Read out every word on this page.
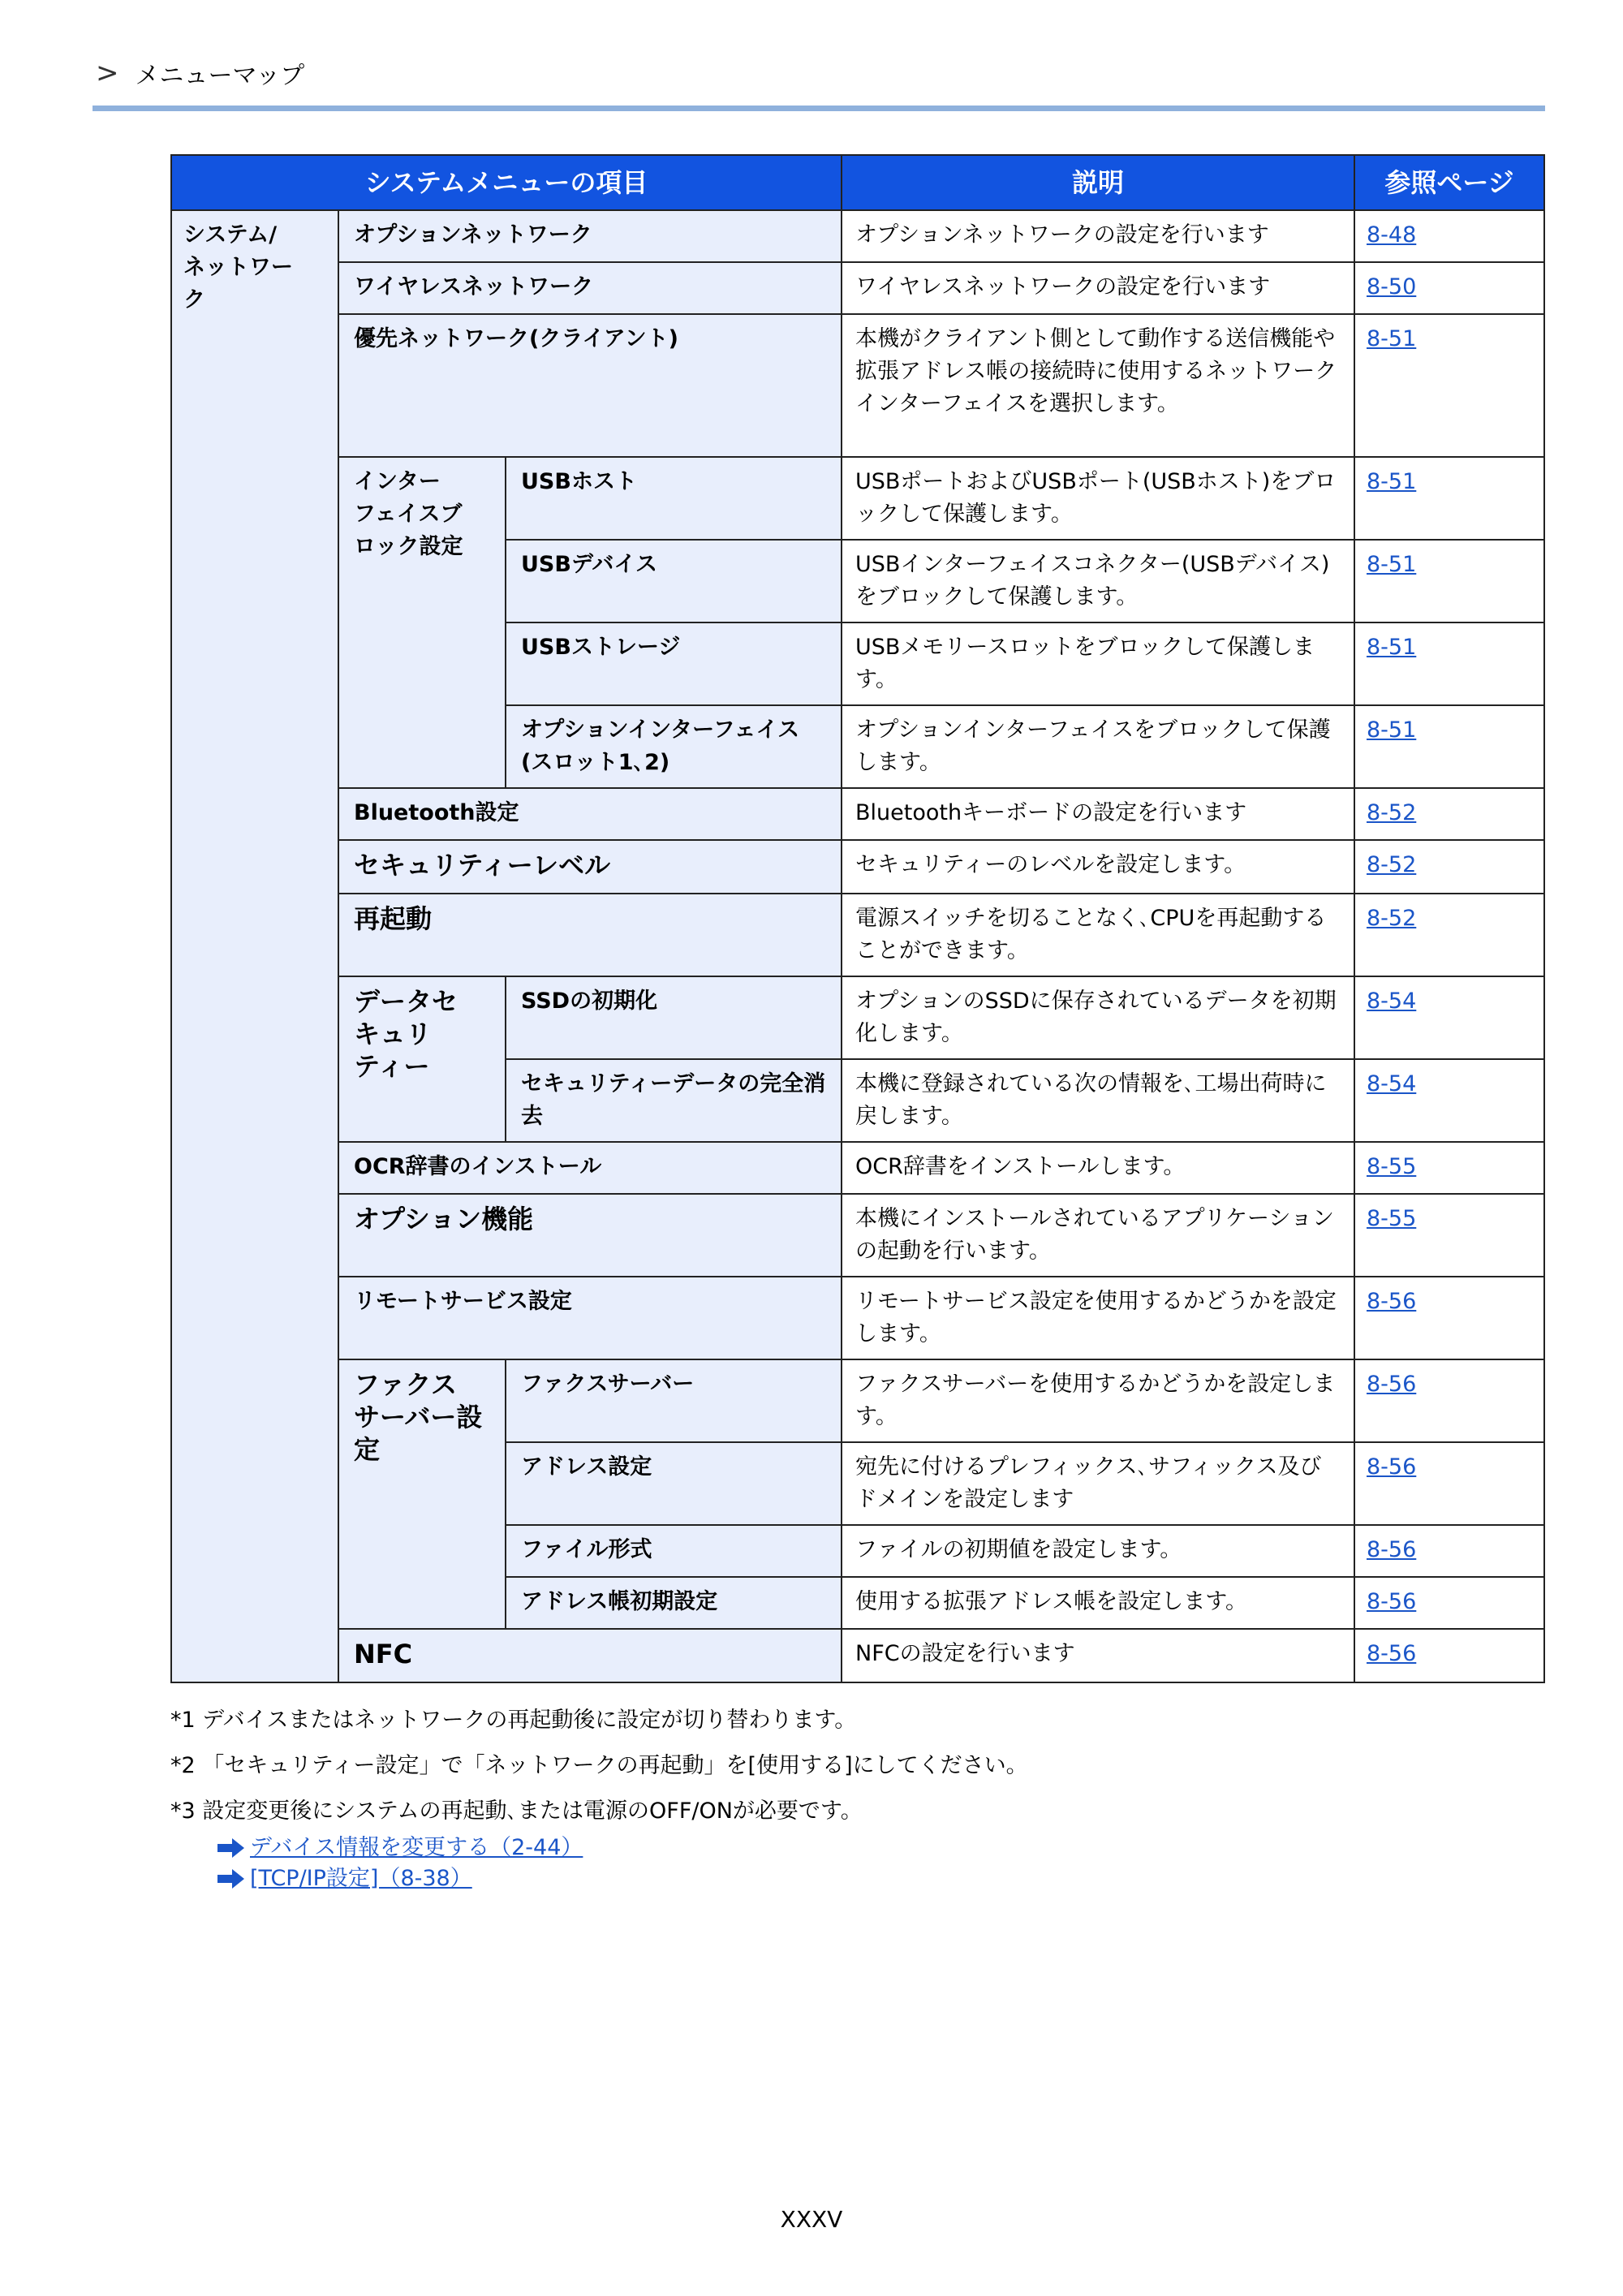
> メニューマップ
システムメニューの項目			説明	参照ページ

システム/
ネットワー
ク	オプションネットワーク		オプションネットワークの設定を行います	8-48
	ワイヤレスネットワーク		ワイヤレスネットワークの設定を行います	8-50
	優先ネットワーク(クライアント)		本機がクライアント側として動作する送信機能や拡張アドレス帳の接続時に使用するネットワークインターフェイスを選択します。	8-51

	インター
フェイスブ
ロック設定	USBホスト	USBポートおよびUSBポート(USBホスト)をブロックして保護します。	8-51
		USBデバイス	USBインターフェイスコネクター(USBデバイス)をブロックして保護します。	8-51
		USBストレージ	USBメモリースロットをブロックして保護します。	8-51
		オプションインターフェイス(スロット1､2)	オプションインターフェイスをブロックして保護します。	8-51
	Bluetooth設定		Bluetoothキーボードの設定を行います	8-52
	セキュリティーレベル		セキュリティーのレベルを設定します。	8-52
	再起動		電源スイッチを切ることなく､CPUを再起動することができます。	8-52

	データセ
キュリ
ティー	SSDの初期化	オプションのSSDに保存されているデータを初期化します。	8-54
		セキュリティーデータの完全消去	本機に登録されている次の情報を､工場出荷時に戻します。	8-54
	OCR辞書のインストール		OCR辞書をインストールします。	8-55
	オプション機能		本機にインストールされているアプリケーションの起動を行います。	8-55
	リモートサービス設定		リモートサービス設定を使用するかどうかを設定します。	8-56

	ファクス
サーバー設
定	ファクスサーバー	ファクスサーバーを使用するかどうかを設定します。	8-56
		アドレス設定	宛先に付けるプレフィックス､サフィックス及びドメインを設定します	8-56
		ファイル形式	ファイルの初期値を設定します。	8-56
		アドレス帳初期設定	使用する拡張アドレス帳を設定します。	8-56
	NFC		NFCの設定を行います	8-56
*1 デバイスまたはネットワークの再起動後に設定が切り替わります。
*2 「セキュリティー設定」で「ネットワークの再起動」を[使用する]にしてください。
*3 設定変更後にシステムの再起動､または電源のOFF/ONが必要です。
デバイス情報を変更する（2-44）
[TCP/IP設定]（8-38）
XXXV
